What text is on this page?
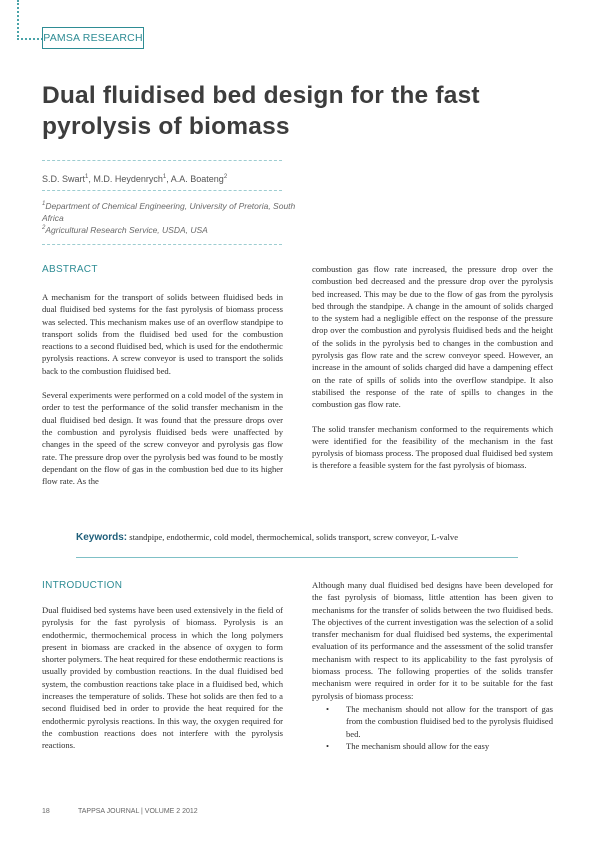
PAMSA RESEARCH
Dual fluidised bed design for the fast pyrolysis of biomass
S.D. Swart$^1$, M.D. Heydenrych$^1$, A.A. Boateng$^2$
$^1$Department of Chemical Engineering, University of Pretoria, South Africa
$^2$Agricultural Research Service, USDA, USA
ABSTRACT

A mechanism for the transport of solids between fluidised beds in dual fluidised bed systems for the fast pyrolysis of biomass process was selected. This mechanism makes use of an overflow standpipe to transport solids from the fluidised bed used for the combustion reactions to a second fluidised bed, which is used for the endothermic pyrolysis reactions. A screw conveyor is used to transport the solids back to the combustion fluidised bed.

Several experiments were performed on a cold model of the system in order to test the performance of the solid transfer mechanism in the dual fluidised bed design. It was found that the pressure drops over the combustion and pyrolysis fluidised beds were unaffected by changes in the speed of the screw conveyor and pyrolysis gas flow rate. The pressure drop over the pyrolysis bed was found to be mostly dependant on the flow of gas in the combustion bed due to its higher flow rate. As the

combustion gas flow rate increased, the pressure drop over the combustion bed decreased and the pressure drop over the pyrolysis bed increased. This may be due to the flow of gas from the pyrolysis bed through the standpipe. A change in the amount of solids charged to the system had a negligible effect on the response of the pressure drop over the combustion and pyrolysis fluidised beds and the height of the solids in the pyrolysis bed to changes in the combustion and pyrolysis gas flow rate and the screw conveyor speed. However, an increase in the amount of solids charged did have a dampening effect on the rate of spills of solids into the overflow standpipe. It also stabilised the response of the rate of spills to changes in the combustion gas flow rate.

The solid transfer mechanism conformed to the requirements which were identified for the feasibility of the mechanism in the fast pyrolysis of biomass process. The proposed dual fluidised bed system is therefore a feasible system for the fast pyrolysis of biomass.

Keywords: standpipe, endothermic, cold model, thermochemical, solids transport, screw conveyor, L-valve
INTRODUCTION

Dual fluidised bed systems have been used extensively in the field of pyrolysis for the fast pyrolysis of biomass. Pyrolysis is an endothermic, thermochemical process in which the long polymers present in biomass are cracked in the absence of oxygen to form shorter polymers. The heat required for these endothermic reactions is usually provided by combustion reactions. In the dual fluidised bed system, the combustion reactions take place in a fluidised bed, which increases the temperature of solids. These hot solids are then fed to a second fluidised bed in order to provide the heat required for the endothermic pyrolysis reactions. In this way, the oxygen required for the combustion reactions does not interfere with the pyrolysis reactions.

Although many dual fluidised bed designs have been developed for the fast pyrolysis of biomass, little attention has been given to mechanisms for the transfer of solids between the two fluidised beds. The objectives of the current investigation was the selection of a solid transfer mechanism for dual fluidised bed systems, the experimental evaluation of its performance and the assessment of the solid transfer mechanism with respect to its applicability to the fast pyrolysis of biomass process. The following properties of the solids transfer mechanism were required in order for it to be suitable for the fast pyrolysis of biomass process:

• The mechanism should not allow for the transport of gas from the combustion fluidised bed to the pyrolysis fluidised bed.
• The mechanism should allow for the easy
18	TAPPSA JOURNAL | VOLUME 2 2012
